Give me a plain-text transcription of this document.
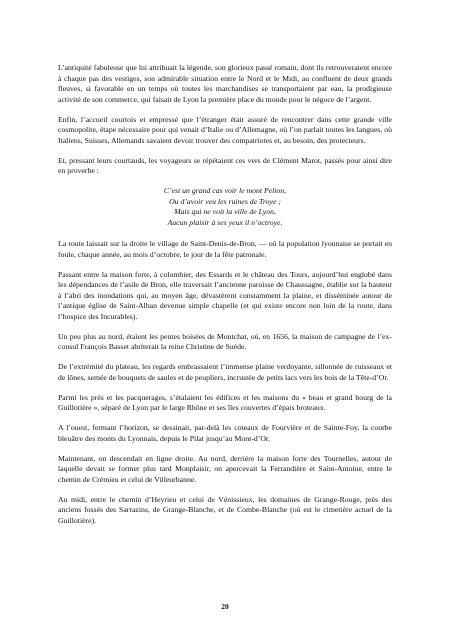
L’antiquité fabuleuse que lui attribuait la légende, son glorieux passé romain, dont ils retrouveraient encore à chaque pas des vestiges, son admirable situation entre le Nord et le Midi, au confluent de deux grands fleuves, si favorable en un temps où toutes les marchandises se transportaient par eau, la prodigieuse activité de son commerce, qui faisait de Lyon la première place du monde pour le négoce de l’argent.

Enfin, l’accueil courtois et empressé que l’étranger était assuré de rencontrer dans cette grande ville cosmopolite, étape nécessaire pour qui venait d’Italie ou d’Allemagne, où l’on parlait toutes les langues, où Italiens, Suisses, Allemands savaient devoir trouver des compatriotes et, au besoin, des protecteurs.

Et, pressant leurs courtauds, les voyageurs se répétaient ces vers de Clément Marot, passés pour ainsi dire en proverbe :

C’est un grand cas voir le mont Pelion,
Ou d’avoir veu les ruines de Troye ;
Mais qui ne voit la ville de Lyon,
Aucun plaisir à ses yeux il n’octroye.

La route laissait sur la droite le village de Saint-Denis-de-Bron, — où la population lyonnaise se portait en foule, chaque année, au mois d’octobre, le jour de la fête patronale.

Passant entre la maison forte, à colombier, des Essards et le château des Tours, aujourd’hui englobé dans les dépendances de l’asile de Bron, elle traversait l’ancienne paroisse de Chaussagne, établie sur la hauteur à l’abri des inondations qui, au moyen âge, dévastèrent constamment la plaine, et disséminée autour de l’antique église de Saint-Alban devenue simple chapelle (et qui existe encore non loin de la route, dans l’hospice des Incurables).

Un peu plus au nord, étaient les pentes boisées de Montchat, où, en 1656, la maison de campagne de l’ex-consul François Basset abriterait la reine Christine de Suède.

De l’extrémité du plateau, les regards embrassaient l’immense plaine verdoyante, sillonnée de ruisseaux et de lônes, semée de bouquets de saules et de peupliers, incrustée de petits lacs vers les bois de la Tête-d’Or.

Parmi les prés et les pacquerages, s’étalaient les édifices et les maisons du « beau et grand bourg de la Guillotière », séparé de Lyon par le large Rhône et ses îles couvertes d’épais broteaux.

A l’ouest, fermant l’horizon, se dessinait, par-delà les coteaux de Fourvière et de Sainte-Foy, la courbe bleuâtre des monts du Lyonnais, depuis le Pilat jusqu’au Mont-d’Or.

Maintenant, on descendait en ligne droite. Au nord, derrière la maison forte des Tournelles, autour de laquelle devait se former plus tard Monplaisir, on apercevait la Ferrandière et Saint-Antoine, entre le chemin de Crémieu et celui de Villeurbanne.

Au midi, entre le chemin d’Heyrieu et celui de Vénissieux, les domaines de Grange-Rouge, près des anciens fossés des Sarrazins, de Grange-Blanche, et de Combe-Blanche (où est le cimetière actuel de la Guillotière).

20
